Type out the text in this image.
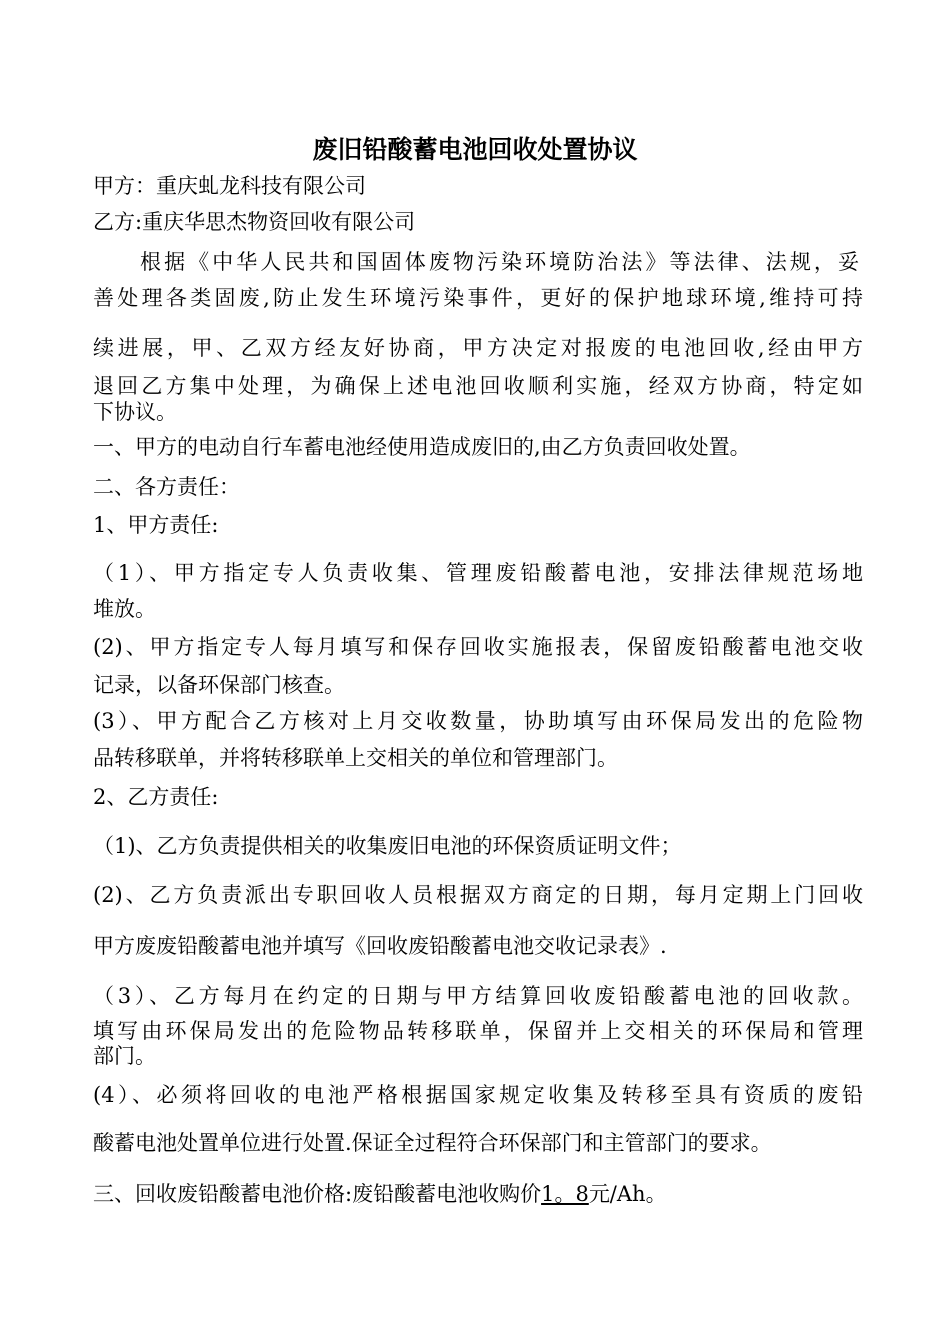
废旧铅酸蓄电池回收处置协议
甲方：重庆虬龙科技有限公司
乙方:重庆华思杰物资回收有限公司
根据《中华人民共和国固体废物污染环境防治法》等法律、法规，妥
善处理各类固废,防止发生环境污染事件，更好的保护地球环境,维持可持
续进展，甲、乙双方经友好协商，甲方决定对报废的电池回收,经由甲方
退回乙方集中处理，为确保上述电池回收顺利实施，经双方协商，特定如
下协议。
一、甲方的电动自行车蓄电池经使用造成废旧的,由乙方负责回收处置。
二、各方责任：
1、甲方责任:
（1）、甲方指定专人负责收集、管理废铅酸蓄电池，安排法律规范场地
堆放。
(2)、甲方指定专人每月填写和保存回收实施报表，保留废铅酸蓄电池交收
记录，以备环保部门核查。
(3）、甲方配合乙方核对上月交收数量，协助填写由环保局发出的危险物
品转移联单，并将转移联单上交相关的单位和管理部门。
2、乙方责任:
（1)、乙方负责提供相关的收集废旧电池的环保资质证明文件；
(2)、乙方负责派出专职回收人员根据双方商定的日期，每月定期上门回收
甲方废废铅酸蓄电池并填写《回收废铅酸蓄电池交收记录表》.
（3）、乙方每月在约定的日期与甲方结算回收废铅酸蓄电池的回收款。
填写由环保局发出的危险物品转移联单，保留并上交相关的环保局和管理
部门。
(4）、必须将回收的电池严格根据国家规定收集及转移至具有资质的废铅
酸蓄电池处置单位进行处置.保证全过程符合环保部门和主管部门的要求。
三、回收废铅酸蓄电池价格:废铅酸蓄电池收购价1。8元/Ah。
